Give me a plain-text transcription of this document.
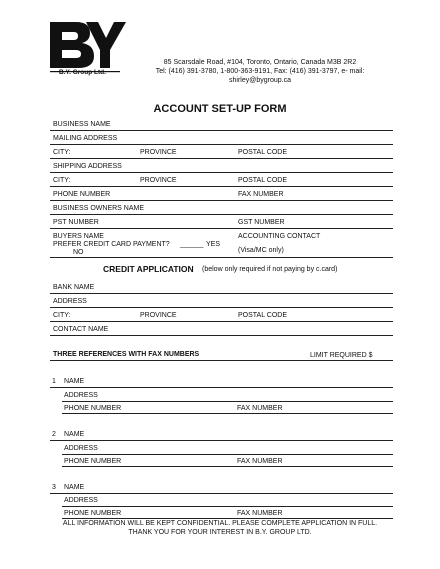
B.Y. Group Ltd.
85 Scarsdale Road, #104, Toronto, Ontario, Canada M3B 2R2
Tel: (416) 391-3780, 1-800-363-9191, Fax: (416) 391-3797, e- mail:
shirley@bygroup.ca
ACCOUNT SET-UP FORM
BUSINESS NAME
MAILING ADDRESS
CITY:	PROVINCE	POSTAL CODE
SHIPPING ADDRESS
CITY:	PROVINCE	POSTAL CODE
PHONE NUMBER	FAX NUMBER
BUSINESS OWNERS NAME
PST NUMBER	GST NUMBER
BUYERS NAME	ACCOUNTING CONTACT
PREFER CREDIT CARD PAYMENT? ______ YES
NO	(Visa/MC only)
CREDIT APPLICATION (below only required if not paying by c.card)
BANK NAME
ADDRESS
CITY:	PROVINCE	POSTAL CODE
CONTACT NAME
THREE REFERENCES WITH FAX NUMBERS	LIMIT REQUIRED $
1 NAME
ADDRESS
PHONE NUMBER	FAX NUMBER
2 NAME
ADDRESS
PHONE NUMBER	FAX NUMBER
3 NAME
ADDRESS
PHONE NUMBER	FAX NUMBER
ALL INFORMATION WILL BE KEPT CONFIDENTIAL. PLEASE COMPLETE APPLICATION IN FULL.
THANK YOU FOR YOUR INTEREST IN B.Y. GROUP LTD.
